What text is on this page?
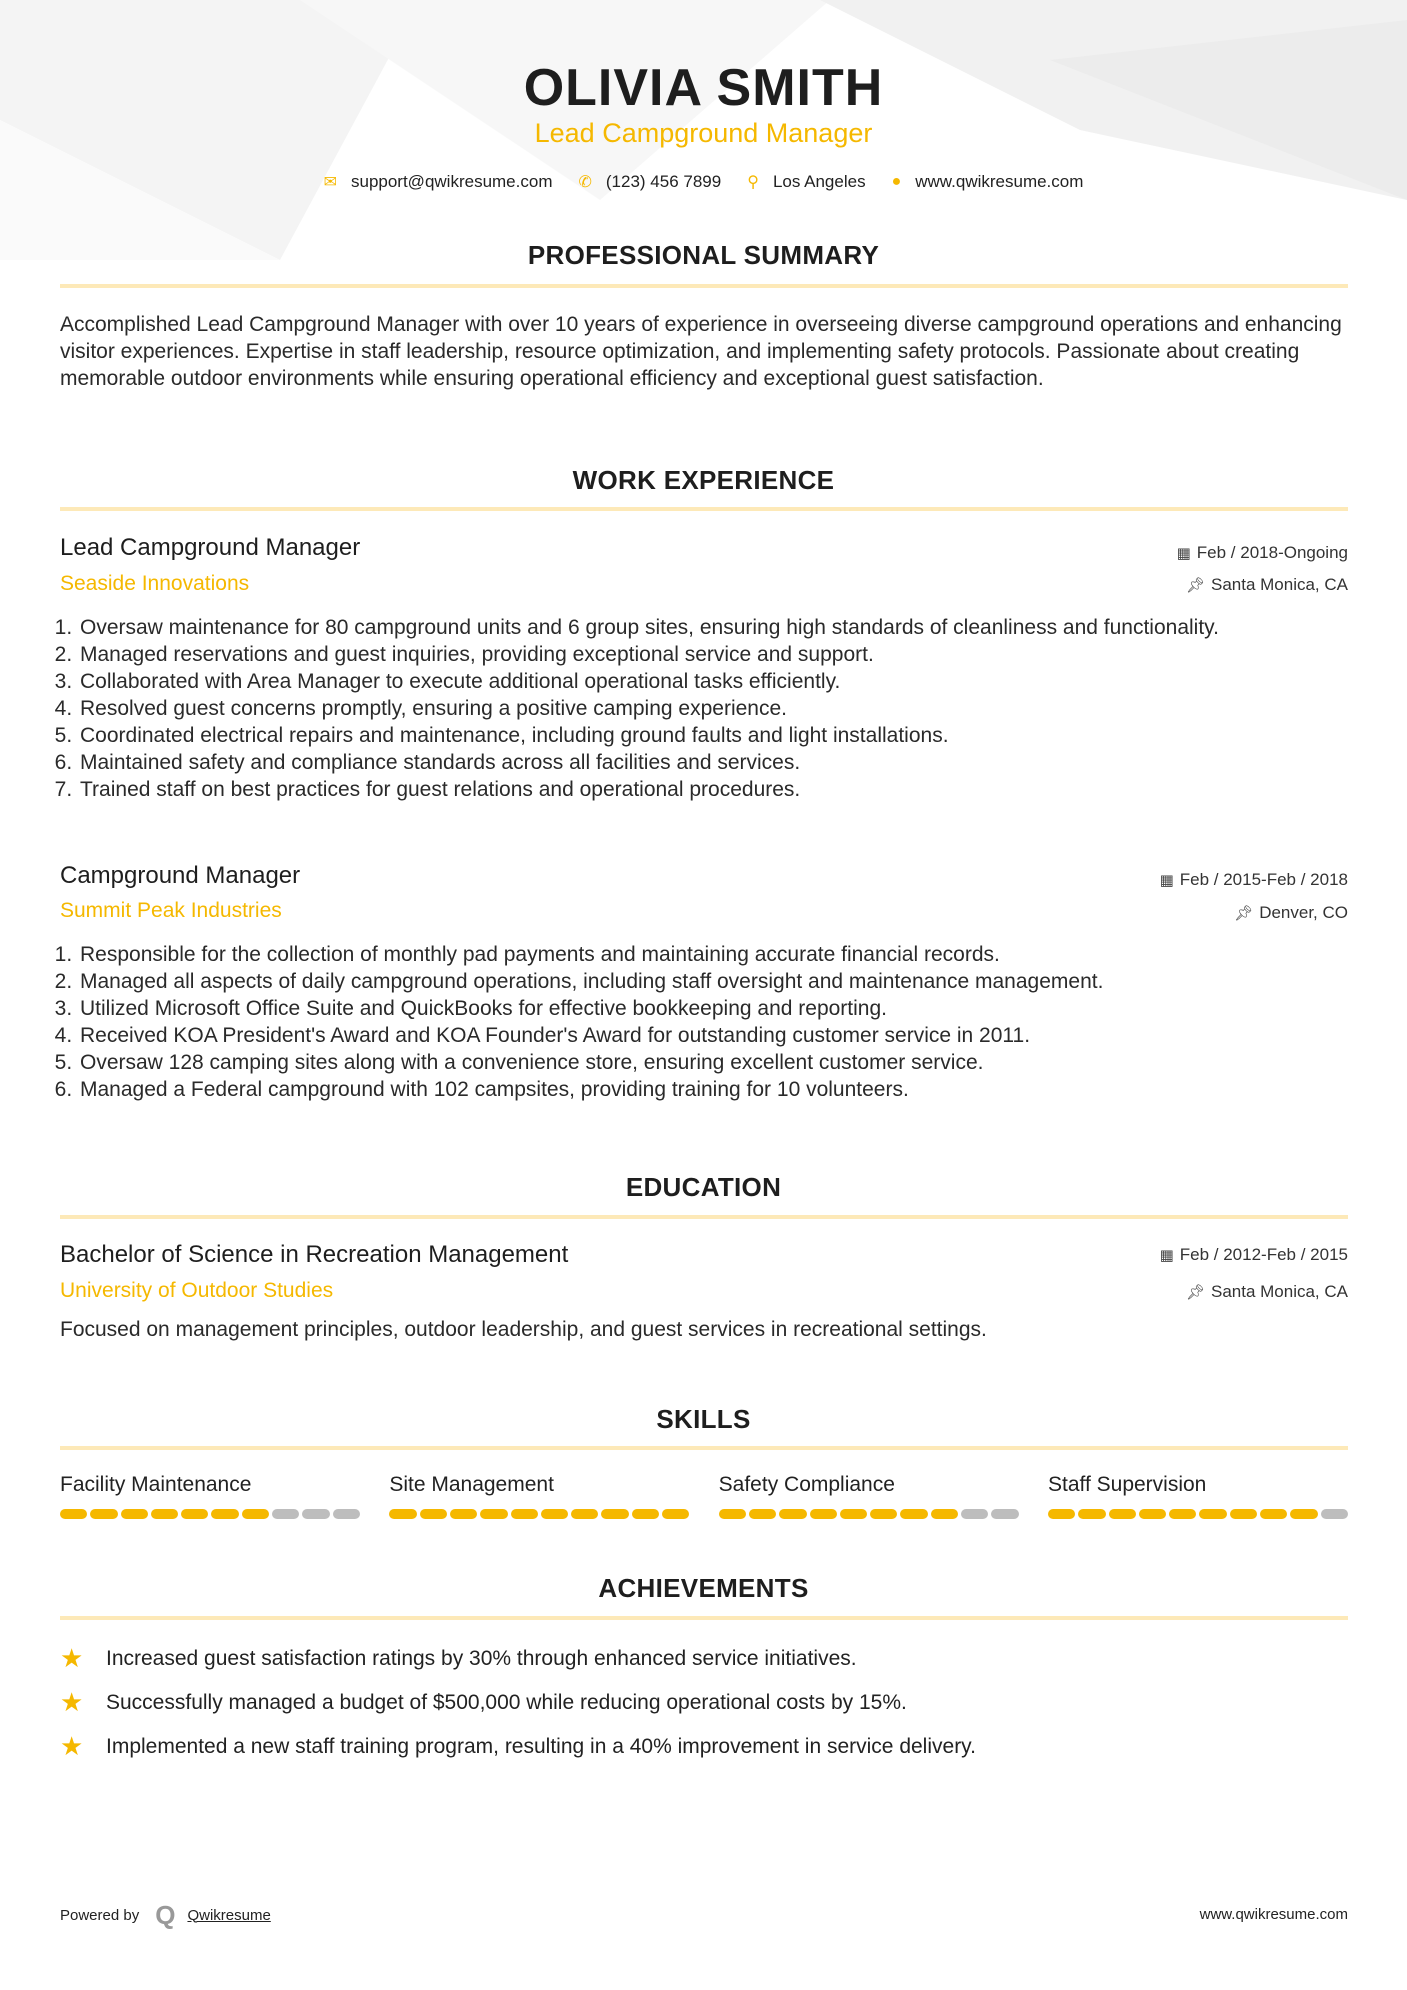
OLIVIA SMITH
Lead Campground Manager
✉ support@qwikresume.com ✆ (123) 456 7899 ⚲ Los Angeles ● www.qwikresume.com
PROFESSIONAL SUMMARY
Accomplished Lead Campground Manager with over 10 years of experience in overseeing diverse campground operations and enhancing visitor experiences. Expertise in staff leadership, resource optimization, and implementing safety protocols. Passionate about creating memorable outdoor environments while ensuring operational efficiency and exceptional guest satisfaction.
WORK EXPERIENCE
Lead Campground Manager	▦ Feb / 2018-Ongoing
Seaside Innovations	📌︎ Santa Monica, CA
1. Oversaw maintenance for 80 campground units and 6 group sites, ensuring high standards of cleanliness and functionality.
2. Managed reservations and guest inquiries, providing exceptional service and support.
3. Collaborated with Area Manager to execute additional operational tasks efficiently.
4. Resolved guest concerns promptly, ensuring a positive camping experience.
5. Coordinated electrical repairs and maintenance, including ground faults and light installations.
6. Maintained safety and compliance standards across all facilities and services.
7. Trained staff on best practices for guest relations and operational procedures.
Campground Manager	▦ Feb / 2015-Feb / 2018
Summit Peak Industries	📌︎ Denver, CO
1. Responsible for the collection of monthly pad payments and maintaining accurate financial records.
2. Managed all aspects of daily campground operations, including staff oversight and maintenance management.
3. Utilized Microsoft Office Suite and QuickBooks for effective bookkeeping and reporting.
4. Received KOA President's Award and KOA Founder's Award for outstanding customer service in 2011.
5. Oversaw 128 camping sites along with a convenience store, ensuring excellent customer service.
6. Managed a Federal campground with 102 campsites, providing training for 10 volunteers.
EDUCATION
Bachelor of Science in Recreation Management	▦ Feb / 2012-Feb / 2015
University of Outdoor Studies	📌︎ Santa Monica, CA
Focused on management principles, outdoor leadership, and guest services in recreational settings.
SKILLS
Facility Maintenance	Site Management	Safety Compliance	Staff Supervision
ACHIEVEMENTS
★	Increased guest satisfaction ratings by 30% through enhanced service initiatives.
★	Successfully managed a budget of $500,000 while reducing operational costs by 15%.
★	Implemented a new staff training program, resulting in a 40% improvement in service delivery.
Powered by Q Qwikresume	www.qwikresume.com
